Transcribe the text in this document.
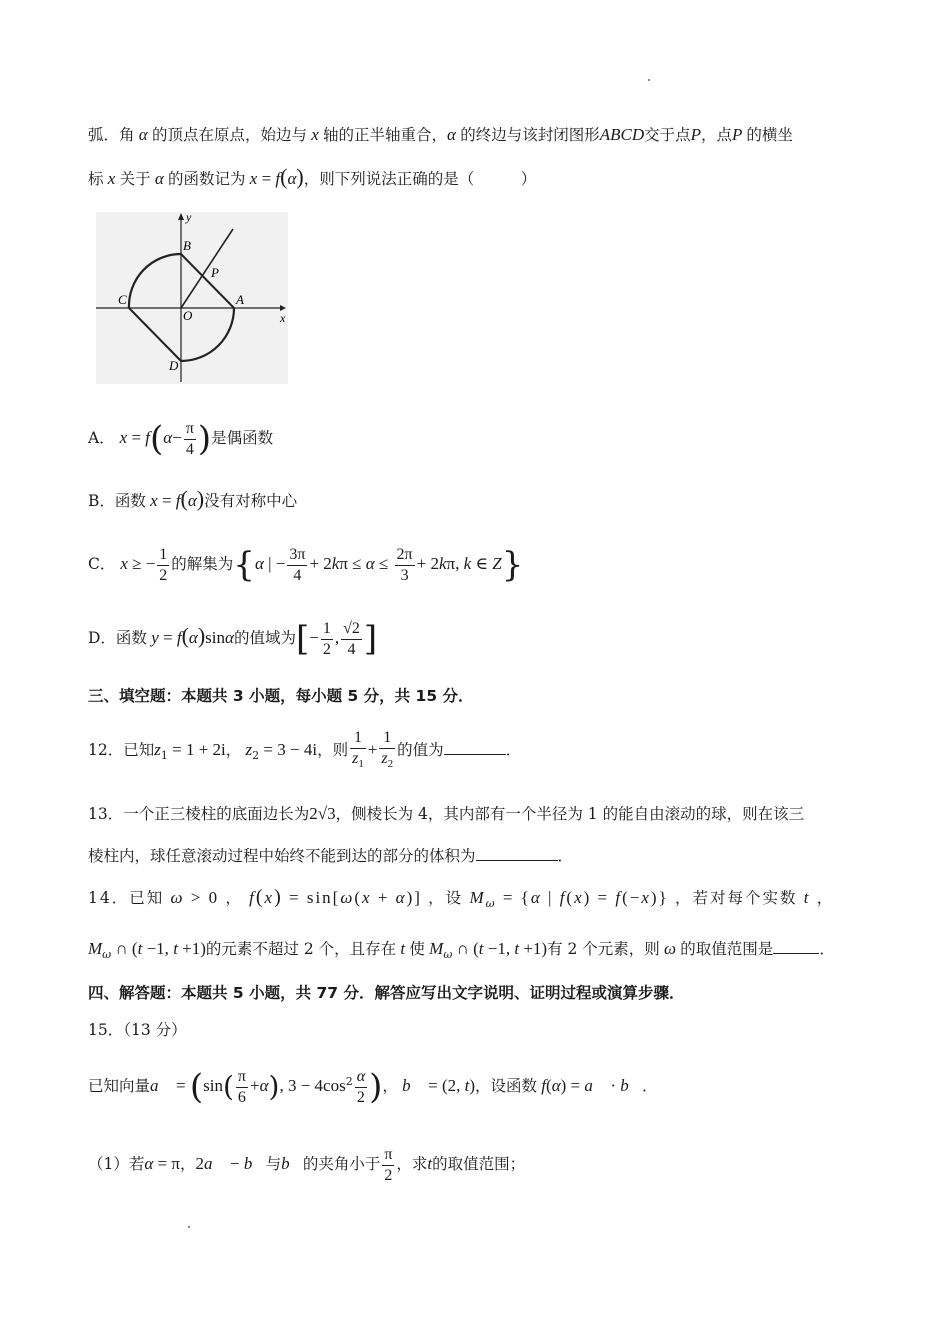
弧．角 α 的顶点在原点，始边与 x 轴的正半轴重合，α 的终边与该封闭图形ABCD交于点P，点P 的横坐
标 x 关于 α 的函数记为 x = f(α)，则下列说法正确的是（　　　）
y
x
B
P
C	A
O
D
A． $x = f(\alpha- \frac{\pi}{4}$ )是偶函数
B．函数 x = f(α)没有对称中心
C． x ≥ − $\frac{1}{2}$ 的解集为{α | − $\frac{3\pi}{4} + 2k\pi \le \alpha \le \frac{2\pi}{3} + 2k\pi$, k ∈ Z}
D．函数 y = f(α)sinα的值域为[− $\frac{1}{2}$ , $\frac{√2}{4}$ ]
三、填空题：本题共 3 小题，每小题 5 分，共 15 分．
12．已知$z_1 = 1 + 2i$， $z_2 = 3 - 4i$，则 $\frac{1}{z_1} + \frac{1}{z_2}$ 的值为	．
13．一个正三棱柱的底面边长为2√3，侧棱长为 4，其内部有一个半径为 1 的能自由滚动的球，则在该三
棱柱内，球任意滚动过程中始终不能到达的部分的体积为	．
14．已知 ω > 0 ， f(x) = sin[ω(x + α)] ，设 $M_\omega = \{\alpha$ | f(x) = f(−x)} ，若对每个实数 t ，
$M_\omega$ ∩ (t −1, t +1)的元素不超过 2 个，且存在 t 使 $M_\omega$ ∩ (t −1, t +1)有 2 个元素，则 ω 的取值范围是	．
四、解答题：本题共 5 小题，共 77 分．解答应写出文字说明、证明过程或演算步骤．
15．（13 分）
已知向量a⃗ = ($\sin( \frac{\pi}{6} +\alpha)$, $3 - 4\cos^2 \frac{\alpha}{2}$ )， b⃗ = (2, t)，设函数 f(α) = a⃗ · b⃗．
（1）若α = π，2a⃗ − b⃗与b⃗的夹角小于 $\frac{\pi}{2}$ ，求t的取值范围；
